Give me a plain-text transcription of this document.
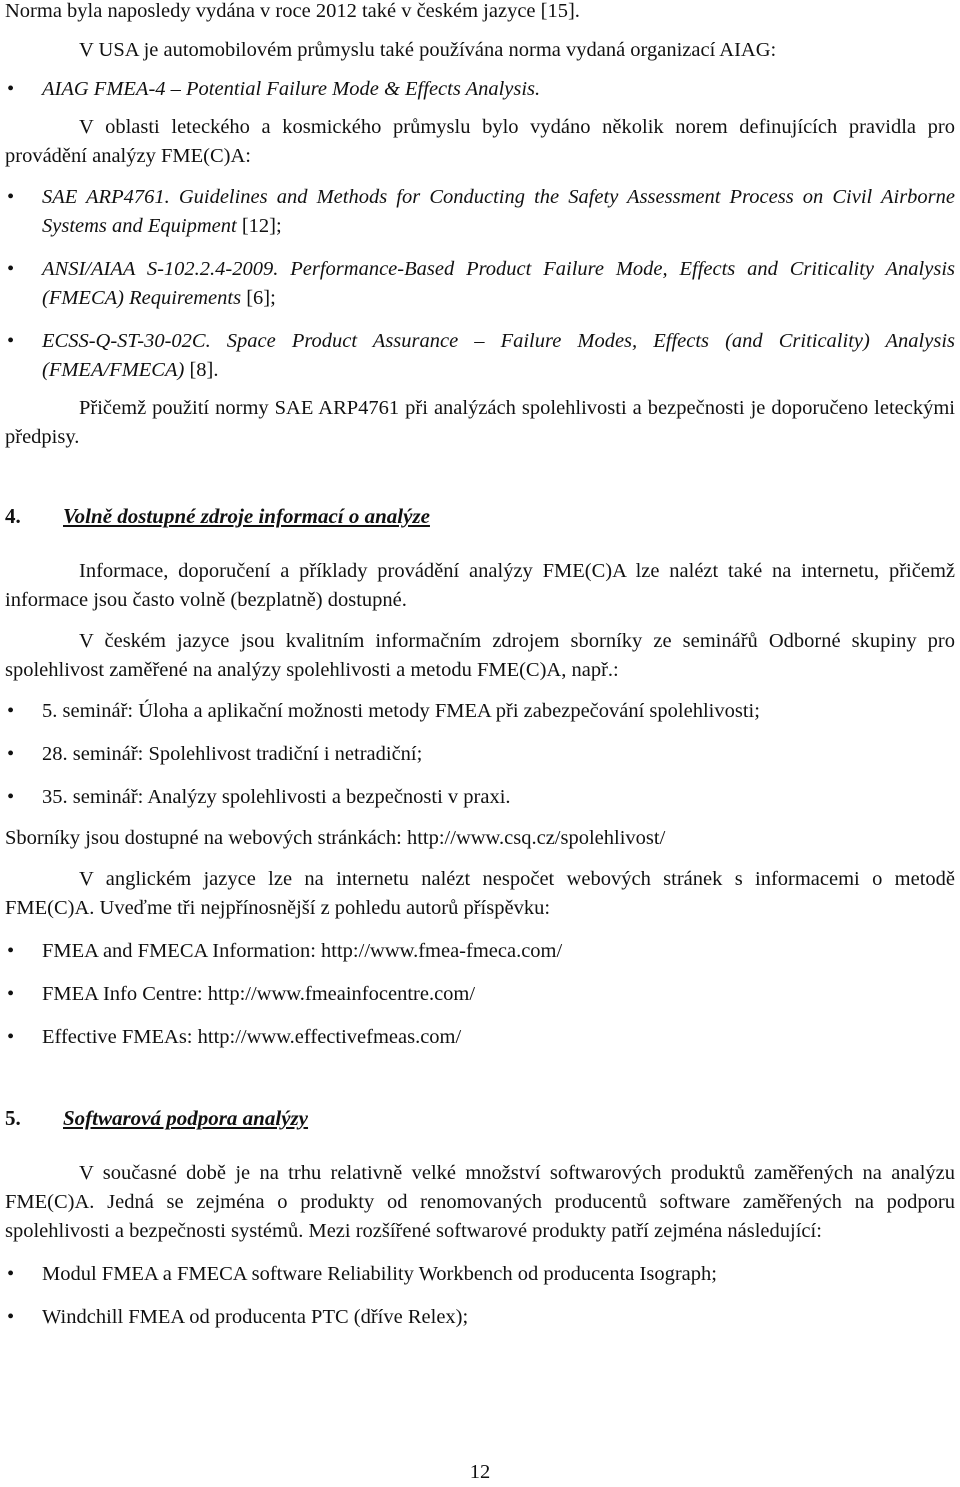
Norma byla naposledy vydána v roce 2012 také v českém jazyce [15].

V USA je automobilovém průmyslu také používána norma vydaná organizací AIAG:

• AIAG FMEA-4 – Potential Failure Mode & Effects Analysis.

V oblasti leteckého a kosmického průmyslu bylo vydáno několik norem definujících pravidla pro provádění analýzy FME(C)A:

• SAE ARP4761. Guidelines and Methods for Conducting the Safety Assessment Process on Civil Airborne Systems and Equipment [12];
• ANSI/AIAA S-102.2.4-2009. Performance-Based Product Failure Mode, Effects and Criticality Analysis (FMECA) Requirements [6];
• ECSS-Q-ST-30-02C. Space Product Assurance – Failure Modes, Effects (and Criticality) Analysis (FMEA/FMECA) [8].

Přičemž použití normy SAE ARP4761 při analýzách spolehlivosti a bezpečnosti je doporučeno leteckými předpisy.

4. Volně dostupné zdroje informací o analýze

Informace, doporučení a příklady provádění analýzy FME(C)A lze nalézt také na internetu, přičemž informace jsou často volně (bezplatně) dostupné.

V českém jazyce jsou kvalitním informačním zdrojem sborníky ze seminářů Odborné skupiny pro spolehlivost zaměřené na analýzy spolehlivosti a metodu FME(C)A, např.:

• 5. seminář: Úloha a aplikační možnosti metody FMEA při zabezpečování spolehlivosti;
• 28. seminář: Spolehlivost tradiční i netradiční;
• 35. seminář: Analýzy spolehlivosti a bezpečnosti v praxi.

Sborníky jsou dostupné na webových stránkách: http://www.csq.cz/spolehlivost/

V anglickém jazyce lze na internetu nalézt nespočet webových stránek s informacemi o metodě FME(C)A. Uveďme tři nejpřínosnější z pohledu autorů příspěvku:

• FMEA and FMECA Information: http://www.fmea-fmeca.com/
• FMEA Info Centre: http://www.fmeainfocentre.com/
• Effective FMEAs: http://www.effectivefmeas.com/
5. Softwarová podpora analýzy

V současné době je na trhu relativně velké množství softwarových produktů zaměřených na analýzu FME(C)A. Jedná se zejména o produkty od renomovaných producentů software zaměřených na podporu spolehlivosti a bezpečnosti systémů. Mezi rozšířené softwarové produkty patří zejména následující:

• Modul FMEA a FMECA software Reliability Workbench od producenta Isograph;
• Windchill FMEA od producenta PTC (dříve Relex);
12
